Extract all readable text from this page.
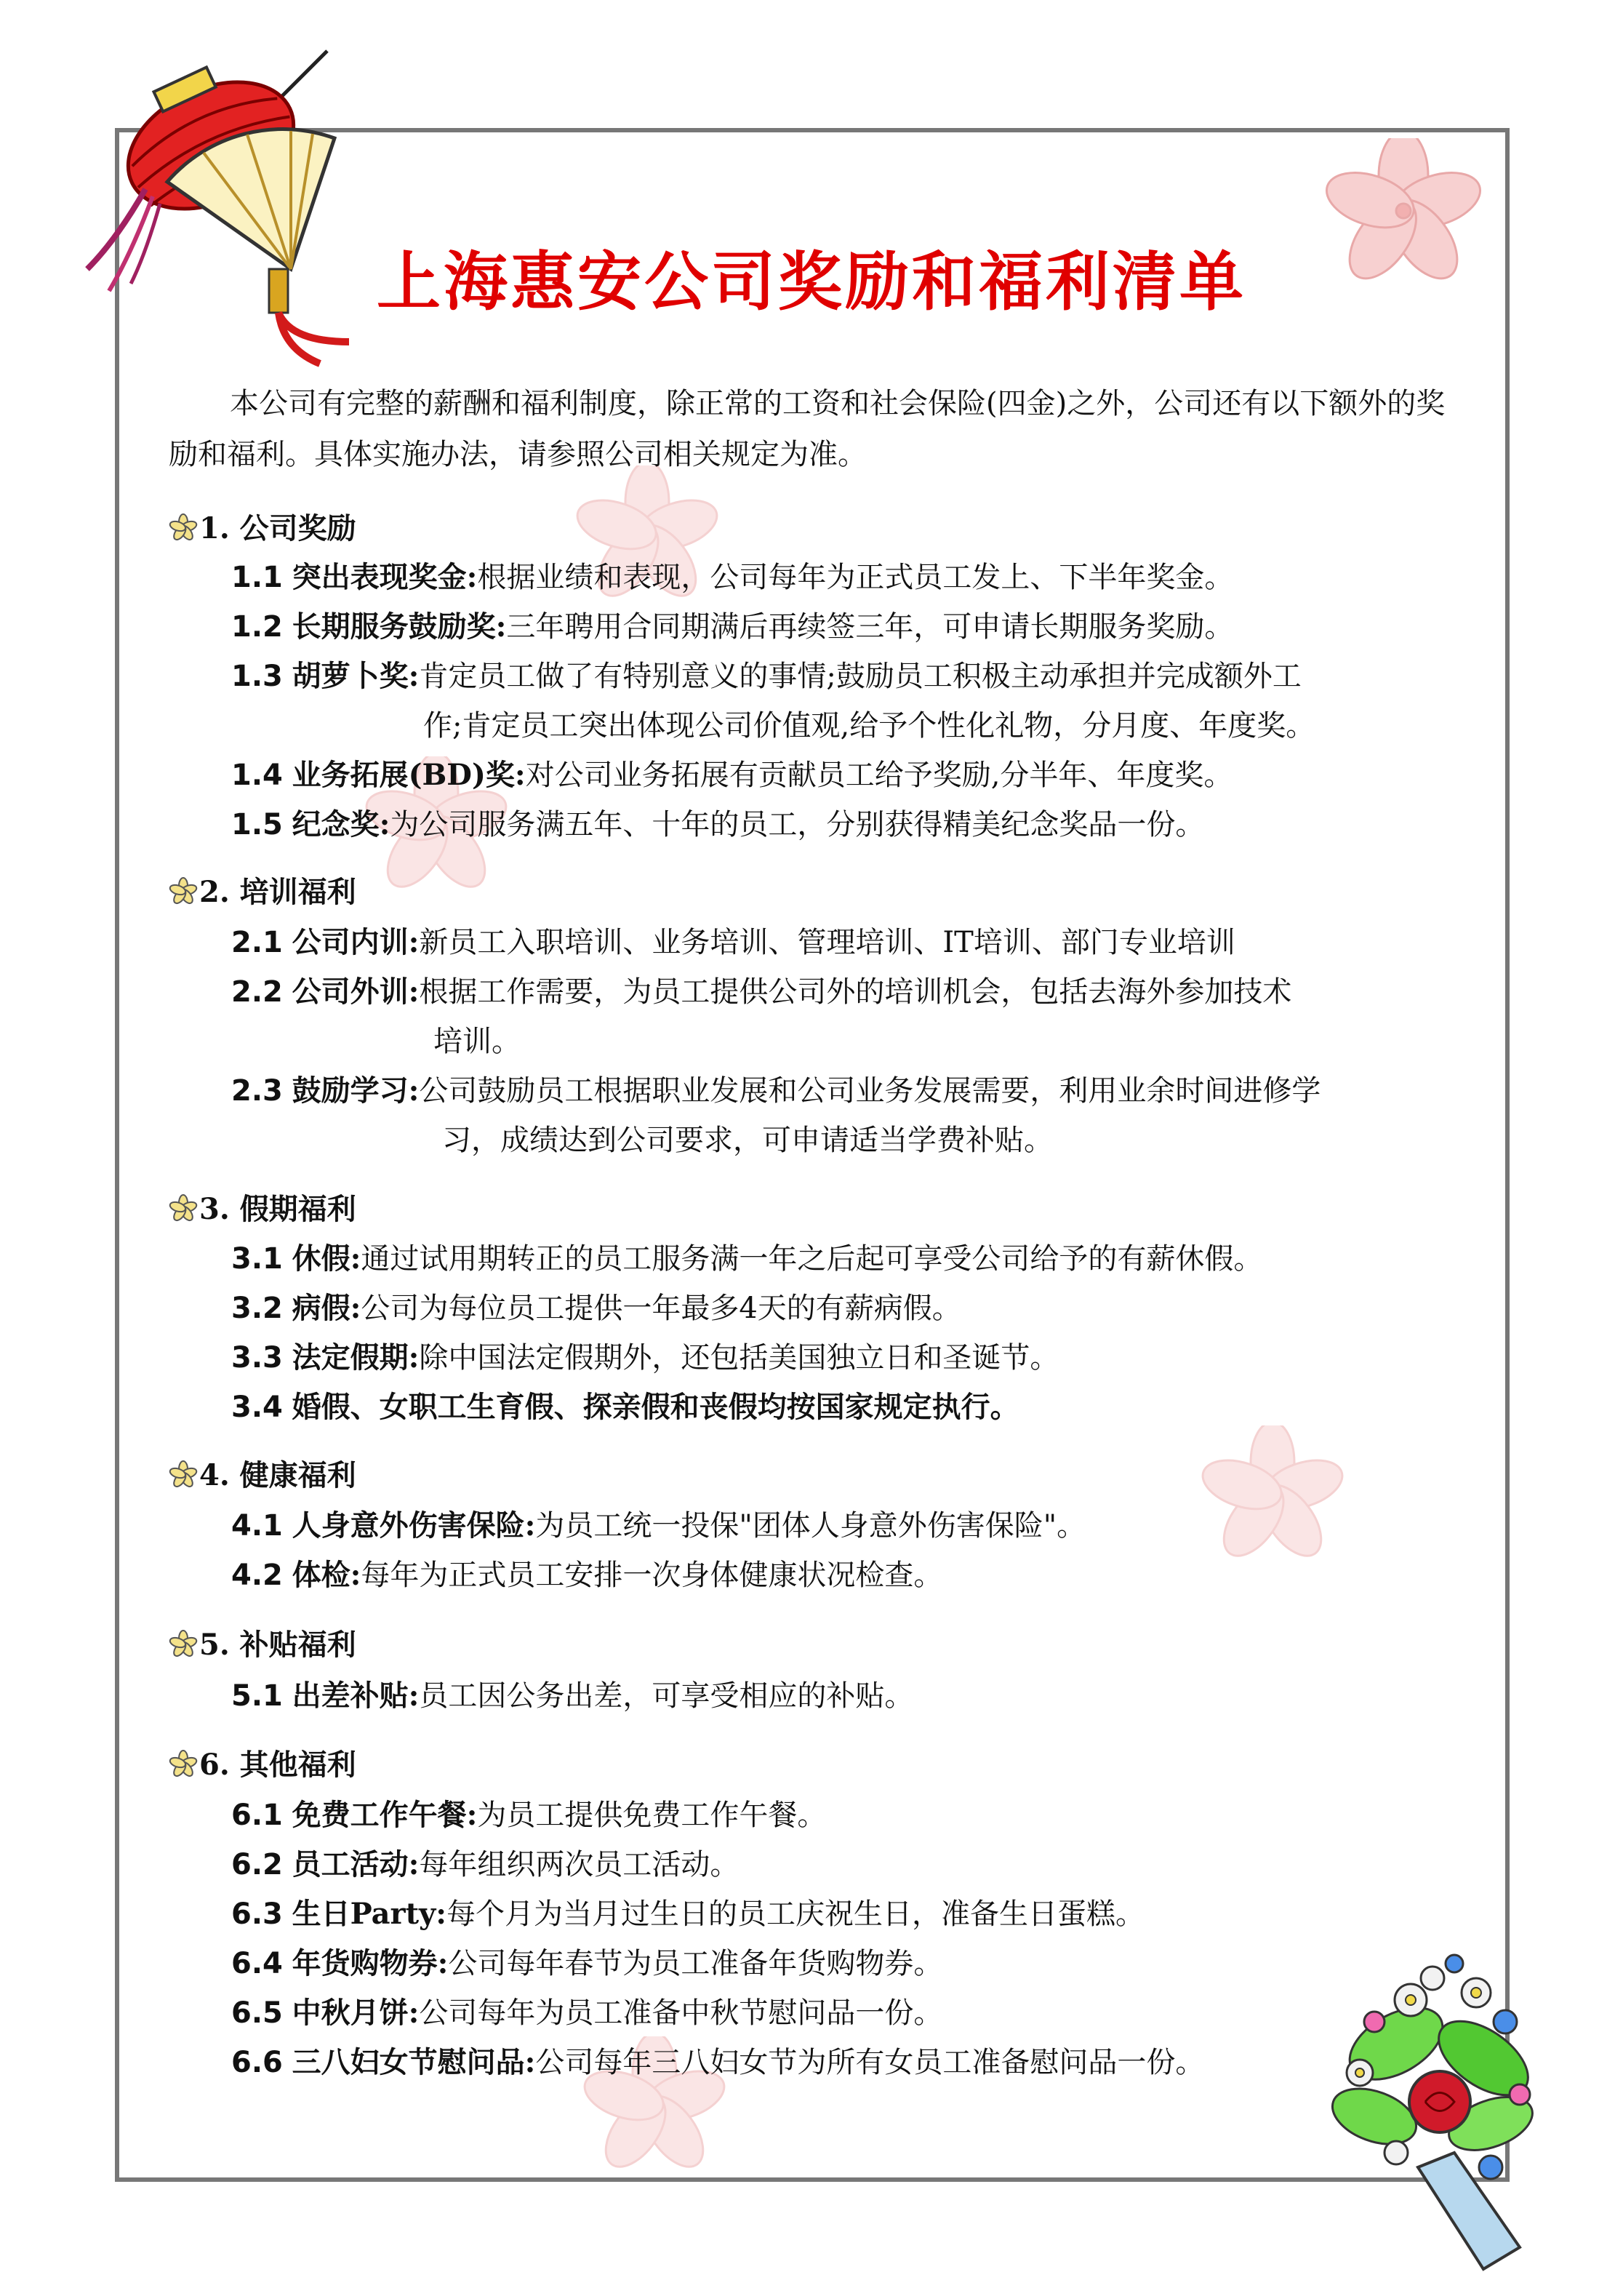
上海惠安公司奖励和福利清单
本公司有完整的薪酬和福利制度，除正常的工资和社会保险(四金)之外，公司还有以下额外的奖励和福利。具体实施办法，请参照公司相关规定为准。
1. 公司奖励
1.1 突出表现奖金:根据业绩和表现，公司每年为正式员工发上、下半年奖金。
1.2 长期服务鼓励奖:三年聘用合同期满后再续签三年，可申请长期服务奖励。
1.3 胡萝卜奖:肯定员工做了有特别意义的事情;鼓励员工积极主动承担并完成额外工
作;肯定员工突出体现公司价值观,给予个性化礼物，分月度、年度奖。
1.4 业务拓展(BD)奖:对公司业务拓展有贡献员工给予奖励,分半年、年度奖。
1.5 纪念奖:为公司服务满五年、十年的员工，分别获得精美纪念奖品一份。
2. 培训福利
2.1 公司内训:新员工入职培训、业务培训、管理培训、IT培训、部门专业培训
2.2 公司外训:根据工作需要，为员工提供公司外的培训机会，包括去海外参加技术
培训。
2.3 鼓励学习:公司鼓励员工根据职业发展和公司业务发展需要，利用业余时间进修学
习，成绩达到公司要求，可申请适当学费补贴。
3. 假期福利
3.1 休假:通过试用期转正的员工服务满一年之后起可享受公司给予的有薪休假。
3.2 病假:公司为每位员工提供一年最多4天的有薪病假。
3.3 法定假期:除中国法定假期外，还包括美国独立日和圣诞节。
3.4 婚假、女职工生育假、探亲假和丧假均按国家规定执行。
4. 健康福利
4.1 人身意外伤害保险:为员工统一投保"团体人身意外伤害保险"。
4.2 体检:每年为正式员工安排一次身体健康状况检查。
5. 补贴福利
5.1 出差补贴:员工因公务出差，可享受相应的补贴。
6. 其他福利
6.1 免费工作午餐:为员工提供免费工作午餐。
6.2 员工活动:每年组织两次员工活动。
6.3 生日Party:每个月为当月过生日的员工庆祝生日，准备生日蛋糕。
6.4 年货购物券:公司每年春节为员工准备年货购物券。
6.5 中秋月饼:公司每年为员工准备中秋节慰问品一份。
6.6 三八妇女节慰问品:公司每年三八妇女节为所有女员工准备慰问品一份。
